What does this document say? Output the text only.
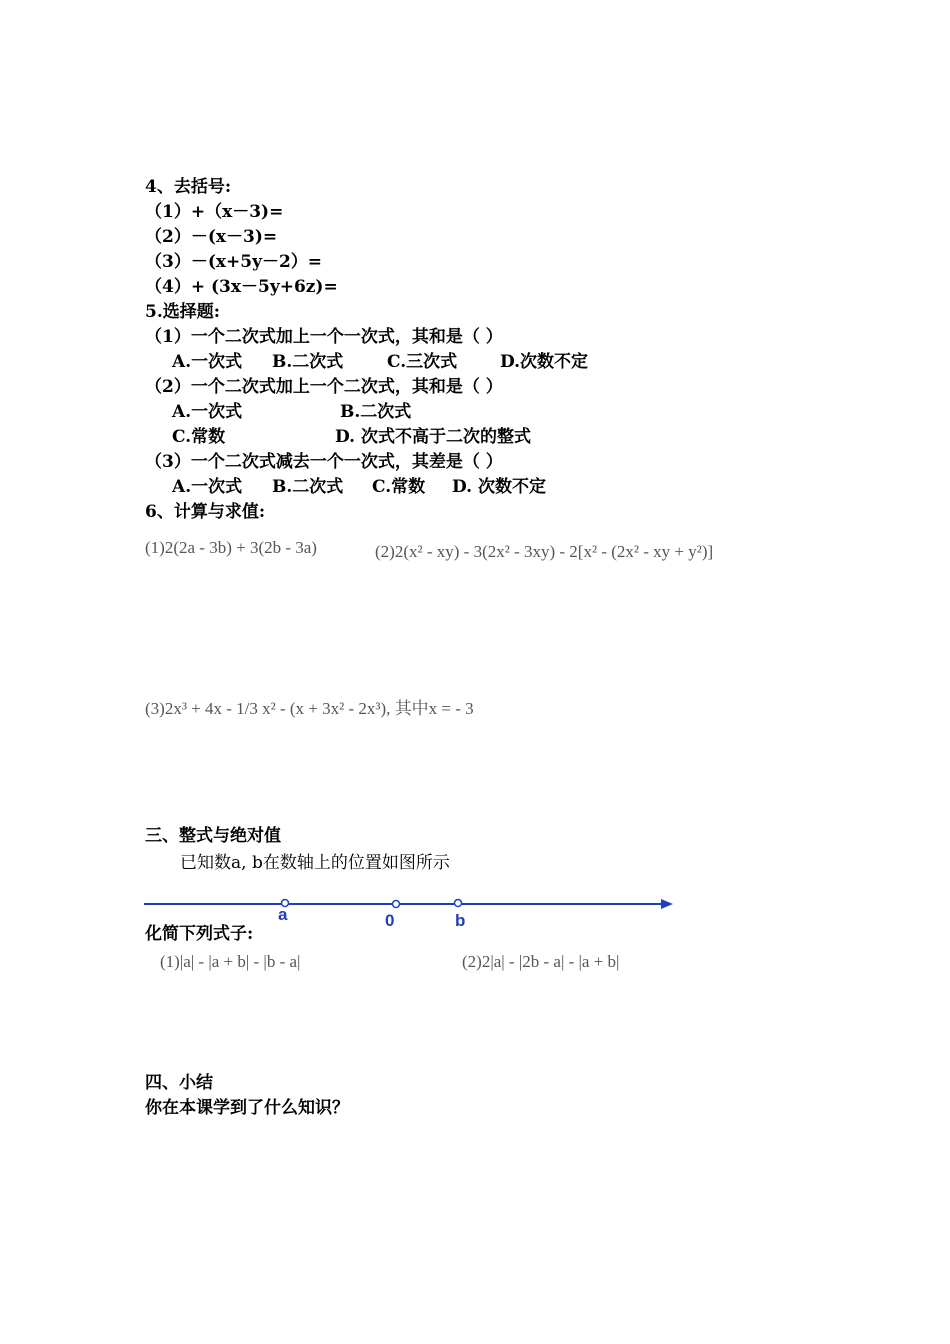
4、去括号:
（1）+（x－3)=
（2）－(x－3)=
（3）－(x+5y－2）=
（4）+ (3x－5y+6z)=
5.选择题:
（1）一个二次式加上一个一次式，其和是（ ）
A.一次式 B.二次式	C.三次式	D.次数不定
（2）一个二次式加上一个二次式，其和是（ ）
A.一次式	B.二次式
C.常数	D. 次式不高于二次的整式
（3）一个二次式减去一个一次式，其差是（ ）
A.一次式 B.二次式 C.常数 D. 次数不定
6、计算与求值:
(1)2(2a - 3b) + 3(2b - 3a)	(2)2(x² - xy) - 3(2x² - 3xy) - 2[x² - (2x² - xy + y²)]
(3)2x³ + 4x - 1/3 x² - (x + 3x² - 2x³), 其中x = - 3
三、整式与绝对值
已知数a, b在数轴上的位置如图所示
a	0	b
化简下列式子:
(1)|a| - |a + b| - |b - a|	(2)2|a| - |2b - a| - |a + b|
四、小结
你在本课学到了什么知识？
